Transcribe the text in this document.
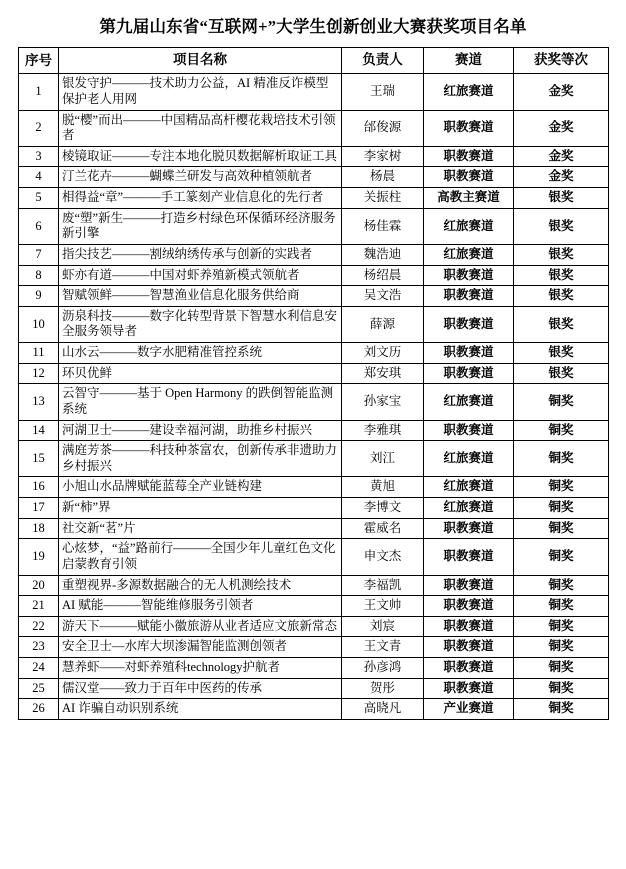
第九届山东省“互联网+”大学生创新创业大赛获奖项目名单
序号	项目名称	负责人	赛道	获奖等次
1	银发守护———技术助力公益，AI 精准反诈模型保护老人用网	王瑞	红旅赛道	金奖
2	脱“樱”而出———中国精品高杆樱花栽培技术引领者	邰俊源	职教赛道	金奖
3	棱镜取证———专注本地化脱贝数据解析取证工具	李家树	职教赛道	金奖
4	汀兰花卉———蝴蝶兰研发与高效种植领航者	杨晨	职教赛道	金奖
5	相得益“章”———手工篆刻产业信息化的先行者	关振柱	高教主赛道	银奖
6	废“塑”新生———打造乡村绿色环保循环经济服务新引擎	杨佳霖	红旅赛道	银奖
7	指尖技艺———割绒纳绣传承与创新的实践者	魏浩迪	红旅赛道	银奖
8	虾亦有道———中国对虾养殖新模式领航者	杨绍晨	职教赛道	银奖
9	智赋领鲜———智慧渔业信息化服务供给商	吴文浩	职教赛道	银奖
10	沥泉科技———数字化转型背景下智慧水利信息安全服务领导者	薛源	职教赛道	银奖
11	山水云———数字水肥精准管控系统	刘文历	职教赛道	银奖
12	环贝优鲜	郑安琪	职教赛道	银奖
13	云智守———基于 Open Harmony 的跌倒智能监测系统	孙家宝	红旅赛道	铜奖
14	河湖卫士———建设幸福河湖，助推乡村振兴	李雅琪	职教赛道	铜奖
15	满庭芳茶———科技种茶富农，创新传承非遗助力乡村振兴	刘江	红旅赛道	铜奖
16	小旭山水品牌赋能蓝莓全产业链构建	黄旭	红旅赛道	铜奖
17	新“柿”界	李博文	红旅赛道	铜奖
18	社交新“茗”片	霍威名	职教赛道	铜奖
19	心炫梦，“益”路前行———全国少年儿童红色文化启蒙教育引领	申文杰	职教赛道	铜奖
20	重塑视界-多源数据融合的无人机测绘技术	李福凯	职教赛道	铜奖
21	AI 赋能———智能维修服务引领者	王文帅	职教赛道	铜奖
22	游天下———赋能小徽旅游从业者适应文旅新常态	刘宸	职教赛道	铜奖
23	安全卫士—水库大坝渗漏智能监测创领者	王文青	职教赛道	铜奖
24	慧养虾——对虾养殖科technology护航者	孙彦鸿	职教赛道	铜奖
25	儒汉堂——致力于百年中医药的传承	贺彤	职教赛道	铜奖
26	AI 诈骗自动识别系统	高晓凡	产业赛道	铜奖
